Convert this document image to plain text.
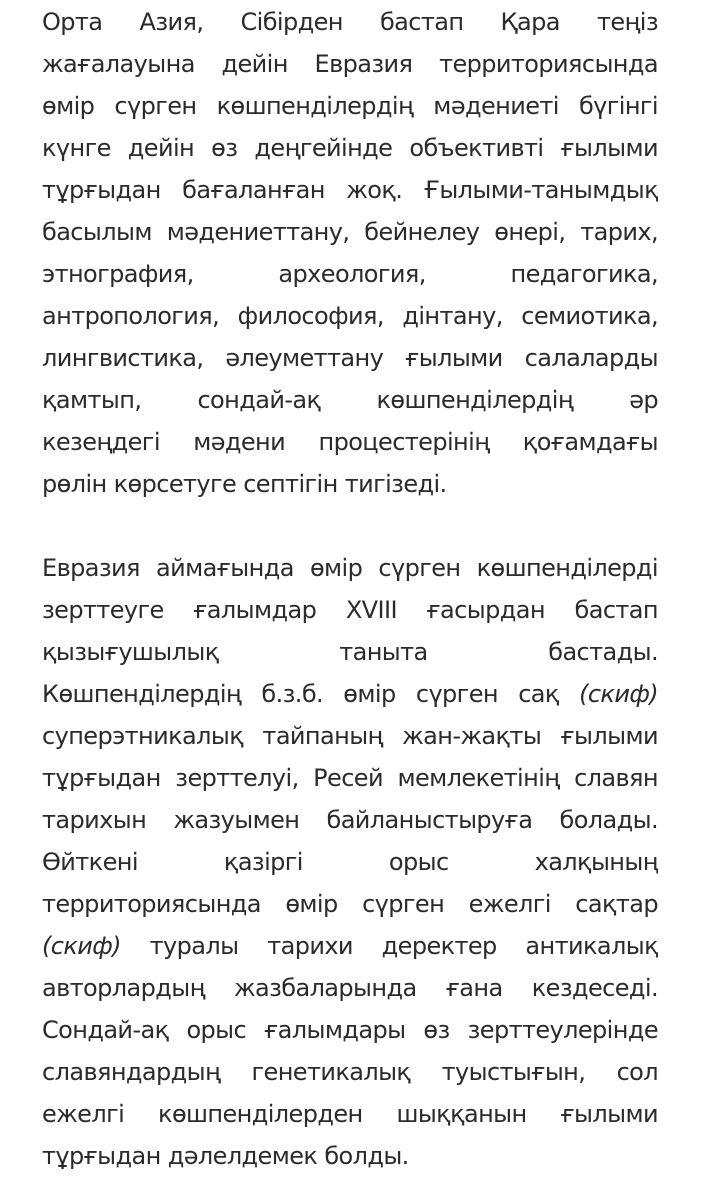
Орта Азия, Сібірден бастап Қара теңіз
жағалауына дейін Евразия территориясында
өмір сүрген көшпенділердің мәдениеті бүгінгі
күнге дейін өз деңгейінде объективті ғылыми
тұрғыдан бағаланған жоқ. Ғылыми-танымдық
басылым мәдениеттану, бейнелеу өнері, тарих,
этнография, археология, педагогика,
антропология, философия, дінтану, семиотика,
лингвистика, әлеуметтану ғылыми салаларды
қамтып, сондай-ақ көшпенділердің әр
кезеңдегі мәдени процестерінің қоғамдағы
рөлін көрсетуге септігін тигізеді.
Евразия аймағында өмір сүрген көшпенділерді
зерттеуге ғалымдар XVIII ғасырдан бастап
қызығушылық таныта бастады.
Көшпенділердің б.з.б. өмір сүрген сақ (скиф)
суперэтникалық тайпаның жан-жақты ғылыми
тұрғыдан зерттелуі, Ресей мемлекетінің славян
тарихын жазуымен байланыстыруға болады.
Өйткені қазіргі орыс халқының
территориясында өмір сүрген ежелгі сақтар
(скиф) туралы тарихи деректер антикалық
авторлардың жазбаларында ғана кездеседі.
Сондай-ақ орыс ғалымдары өз зерттеулерінде
славяндардың генетикалық туыстығын, сол
ежелгі көшпенділерден шыққанын ғылыми
тұрғыдан дәлелдемек болды.
